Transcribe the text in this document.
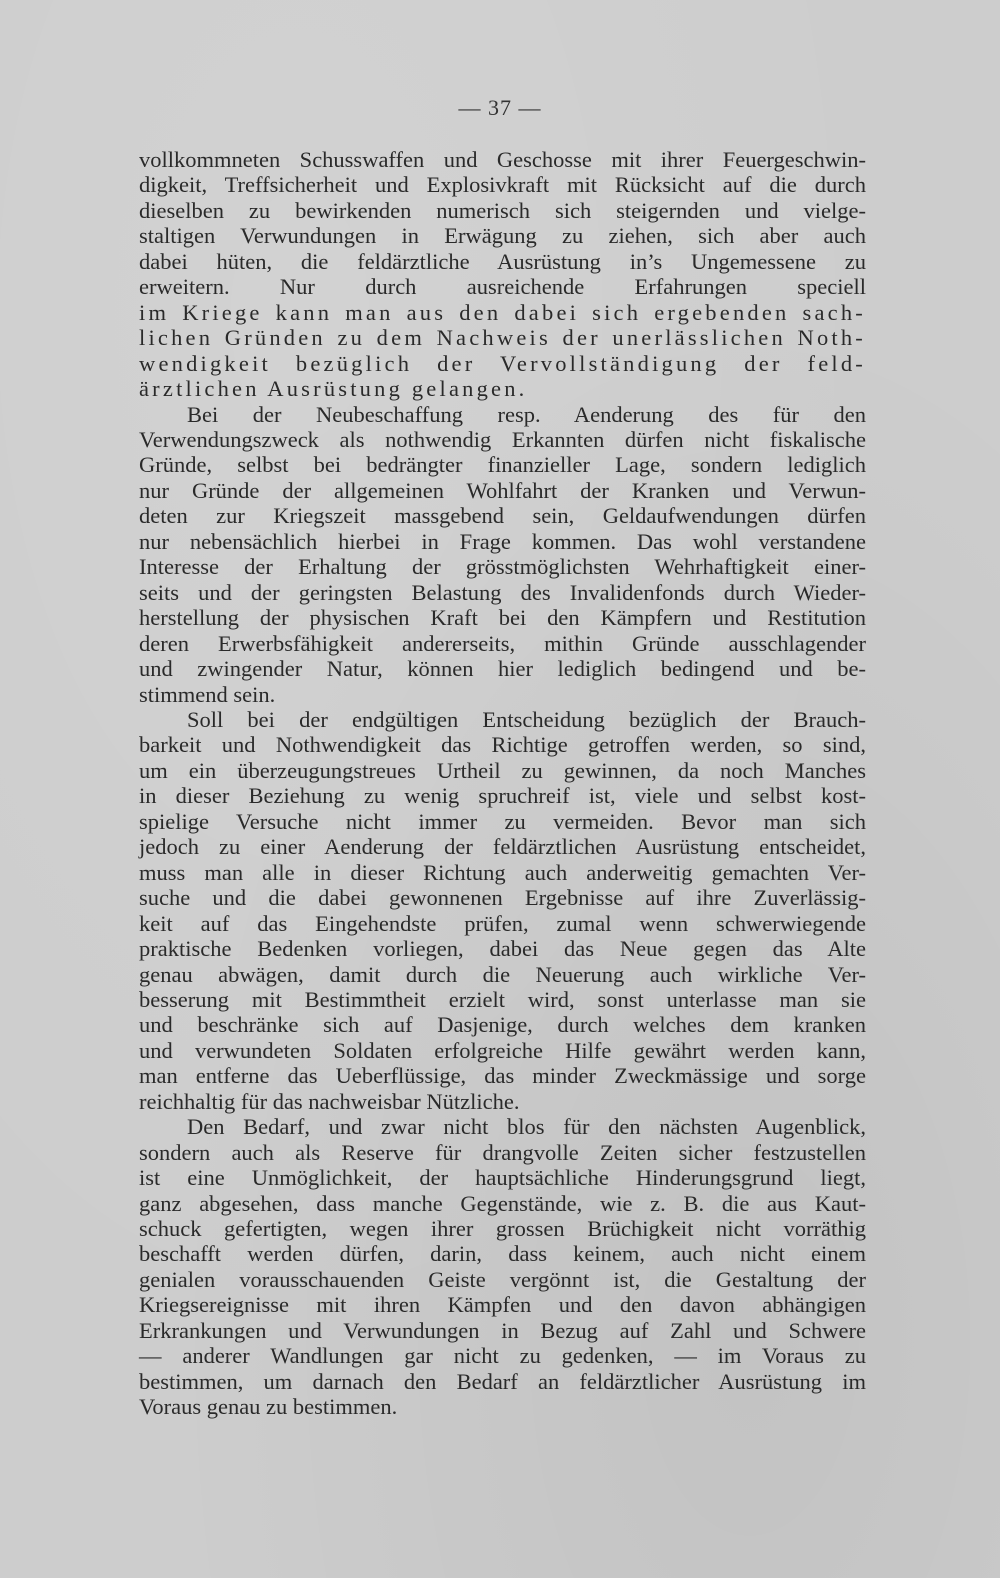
— 37 —
vollkommneten Schusswaffen und Geschosse mit ihrer Feuergeschwin-
digkeit, Treffsicherheit und Explosivkraft mit Rücksicht auf die durch
dieselben zu bewirkenden numerisch sich steigernden und vielge-
staltigen Verwundungen in Erwägung zu ziehen, sich aber auch
dabei hüten, die feldärztliche Ausrüstung in’s Ungemessene zu
erweitern. Nur durch ausreichende Erfahrungen speciell
im Kriege kann man aus den dabei sich ergebenden sach-
lichen Gründen zu dem Nachweis der unerlässlichen Noth-
wendigkeit bezüglich der Vervollständigung der feld-
ärztlichen Ausrüstung gelangen.
Bei der Neubeschaffung resp. Aenderung des für den
Verwendungszweck als nothwendig Erkannten dürfen nicht fiskalische
Gründe, selbst bei bedrängter finanzieller Lage, sondern lediglich
nur Gründe der allgemeinen Wohlfahrt der Kranken und Verwun-
deten zur Kriegszeit massgebend sein, Geldaufwendungen dürfen
nur nebensächlich hierbei in Frage kommen. Das wohl verstandene
Interesse der Erhaltung der grösstmöglichsten Wehrhaftigkeit einer-
seits und der geringsten Belastung des Invalidenfonds durch Wieder-
herstellung der physischen Kraft bei den Kämpfern und Restitution
deren Erwerbsfähigkeit andererseits, mithin Gründe ausschlagender
und zwingender Natur, können hier lediglich bedingend und be-
stimmend sein.
Soll bei der endgültigen Entscheidung bezüglich der Brauch-
barkeit und Nothwendigkeit das Richtige getroffen werden, so sind,
um ein überzeugungstreues Urtheil zu gewinnen, da noch Manches
in dieser Beziehung zu wenig spruchreif ist, viele und selbst kost-
spielige Versuche nicht immer zu vermeiden. Bevor man sich
jedoch zu einer Aenderung der feldärztlichen Ausrüstung entscheidet,
muss man alle in dieser Richtung auch anderweitig gemachten Ver-
suche und die dabei gewonnenen Ergebnisse auf ihre Zuverlässig-
keit auf das Eingehendste prüfen, zumal wenn schwerwiegende
praktische Bedenken vorliegen, dabei das Neue gegen das Alte
genau abwägen, damit durch die Neuerung auch wirkliche Ver-
besserung mit Bestimmtheit erzielt wird, sonst unterlasse man sie
und beschränke sich auf Dasjenige, durch welches dem kranken
und verwundeten Soldaten erfolgreiche Hilfe gewährt werden kann,
man entferne das Ueberflüssige, das minder Zweckmässige und sorge
reichhaltig für das nachweisbar Nützliche.
Den Bedarf, und zwar nicht blos für den nächsten Augenblick,
sondern auch als Reserve für drangvolle Zeiten sicher festzustellen
ist eine Unmöglichkeit, der hauptsächliche Hinderungsgrund liegt,
ganz abgesehen, dass manche Gegenstände, wie z. B. die aus Kaut-
schuck gefertigten, wegen ihrer grossen Brüchigkeit nicht vorräthig
beschafft werden dürfen, darin, dass keinem, auch nicht einem
genialen vorausschauenden Geiste vergönnt ist, die Gestaltung der
Kriegsereignisse mit ihren Kämpfen und den davon abhängigen
Erkrankungen und Verwundungen in Bezug auf Zahl und Schwere
— anderer Wandlungen gar nicht zu gedenken, — im Voraus zu
bestimmen, um darnach den Bedarf an feldärztlicher Ausrüstung im
Voraus genau zu bestimmen.
